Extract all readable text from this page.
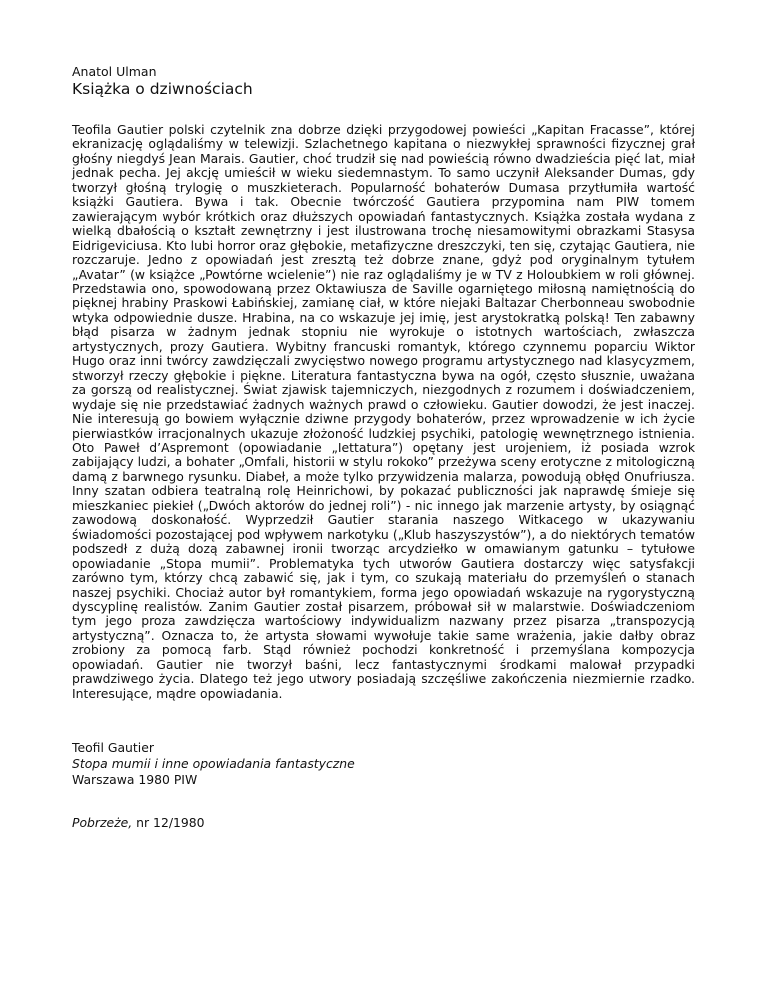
Anatol Ulman
Książka o dziwnościach

Teofila Gautier polski czytelnik zna dobrze dzięki przygodowej powieści „Kapitan Fracasse”, której ekranizację oglądaliśmy w telewizji. Szlachetnego kapitana o niezwykłej sprawności fizycznej grał głośny niegdyś Jean Marais. Gautier, choć trudził się nad powieścią równo dwadzieścia pięć lat, miał jednak pecha. Jej akcję umieścił w wieku siedemnastym. To samo uczynił Aleksander Dumas, gdy tworzył głośną trylogię o muszkieterach. Popularność bohaterów Dumasa przytłumiła wartość książki Gautiera. Bywa i tak. Obecnie twórczość Gautiera przypomina nam PIW tomem zawierającym wybór krótkich oraz dłuższych opowiadań fantastycznych. Książka została wydana z wielką dbałością o kształt zewnętrzny i jest ilustrowana trochę niesamowitymi obrazkami Stasysa Eidrigeviciusa. Kto lubi horror oraz głębokie, metafizyczne dreszczyki, ten się, czytając Gautiera, nie rozczaruje. Jedno z opowiadań jest zresztą też dobrze znane, gdyż pod oryginalnym tytułem „Avatar” (w książce „Powtórne wcielenie”) nie raz oglądaliśmy je w TV z Holoubkiem w roli głównej. Przedstawia ono, spowodowaną przez Oktawiusza de Saville ogarniętego miłosną namiętnością do pięknej hrabiny Praskowi Łabińskiej, zamianę ciał, w które niejaki Baltazar Cherbonneau swobodnie wtyka odpowiednie dusze. Hrabina, na co wskazuje jej imię, jest arystokratką polską! Ten zabawny błąd pisarza w żadnym jednak stopniu nie wyrokuje o istotnych wartościach, zwłaszcza artystycznych, prozy Gautiera. Wybitny francuski romantyk, którego czynnemu poparciu Wiktor Hugo oraz inni twórcy zawdzięczali zwycięstwo nowego programu artystycznego nad klasycyzmem, stworzył rzeczy głębokie i piękne. Literatura fantastyczna bywa na ogół, często słusznie, uważana za gorszą od realistycznej. Świat zjawisk tajemniczych, niezgodnych z rozumem i doświadczeniem, wydaje się nie przedstawiać żadnych ważnych prawd o człowieku. Gautier dowodzi, że jest inaczej. Nie interesują go bowiem wyłącznie dziwne przygody bohaterów, przez wprowadzenie w ich życie pierwiastków irracjonalnych ukazuje złożoność ludzkiej psychiki, patologię wewnętrznego istnienia. Oto Paweł d’Aspremont (opowiadanie „Iettatura”) opętany jest urojeniem, iż posiada wzrok zabijający ludzi, a bohater „Omfali, historii w stylu rokoko” przeżywa sceny erotyczne z mitologiczną damą z barwnego rysunku. Diabeł, a może tylko przywidzenia malarza, powodują obłęd Onufriusza. Inny szatan odbiera teatralną rolę Heinrichowi, by pokazać publiczności jak naprawdę śmieje się mieszkaniec piekieł („Dwóch aktorów do jednej roli”) - nic innego jak marzenie artysty, by osiągnąć zawodową doskonałość. Wyprzedził Gautier starania naszego Witkacego w ukazywaniu świadomości pozostającej pod wpływem narkotyku („Klub haszyszystów”), a do niektórych tematów podszedł z dużą dozą zabawnej ironii tworząc arcydziełko w omawianym gatunku – tytułowe opowiadanie „Stopa mumii”. Problematyka tych utworów Gautiera dostarczy więc satysfakcji zarówno tym, którzy chcą zabawić się, jak i tym, co szukają materiału do przemyśleń o stanach naszej psychiki. Chociaż autor był romantykiem, forma jego opowiadań wskazuje na rygorystyczną dyscyplinę realistów. Zanim Gautier został pisarzem, próbował sił w malarstwie. Doświadczeniom tym jego proza zawdzięcza wartościowy indywidualizm nazwany przez pisarza „transpozycją artystyczną”. Oznacza to, że artysta słowami wywołuje takie same wrażenia, jakie dałby obraz zrobiony za pomocą farb. Stąd również pochodzi konkretność i przemyślana kompozycja opowiadań. Gautier nie tworzył baśni, lecz fantastycznymi środkami malował przypadki prawdziwego życia. Dlatego też jego utwory posiadają szczęśliwe zakończenia niezmiernie rzadko. Interesujące, mądre opowiadania.

Teofil Gautier
Stopa mumii i inne opowiadania fantastyczne
Warszawa 1980 PIW
Pobrzeże, nr 12/1980
